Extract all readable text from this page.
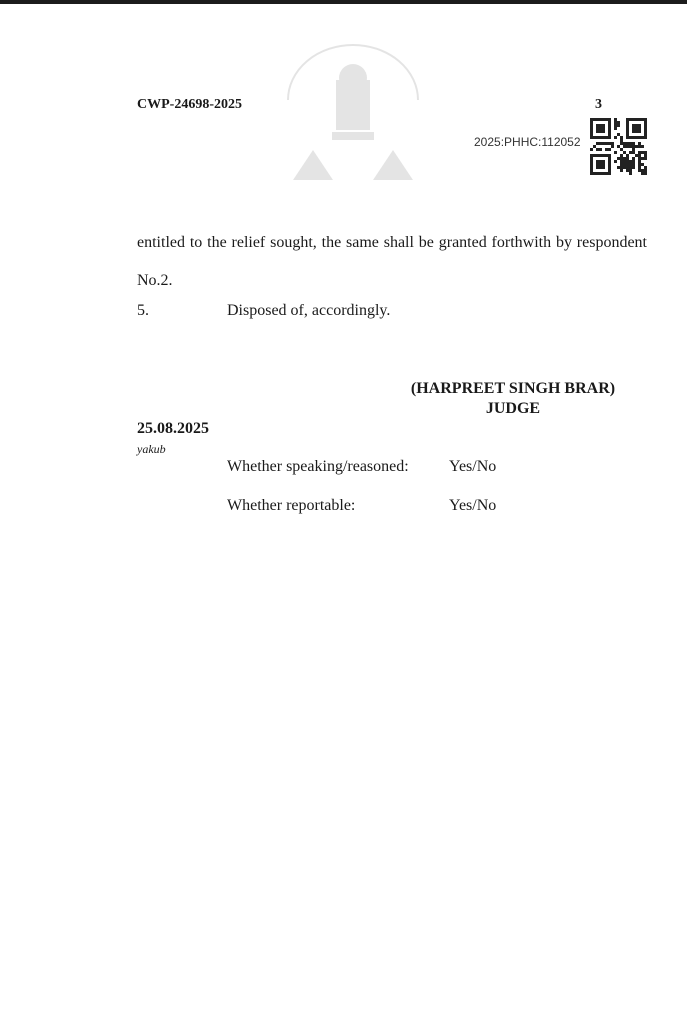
CWP-24698-2025	3
2025:PHHC:112052

entitled to the relief sought, the same shall be granted forthwith by respondent No.2.

5.	Disposed of, accordingly.
(HARPREET SINGH BRAR)
JUDGE
25.08.2025
yakub
Whether speaking/reasoned:	Yes/No
Whether reportable:	Yes/No
